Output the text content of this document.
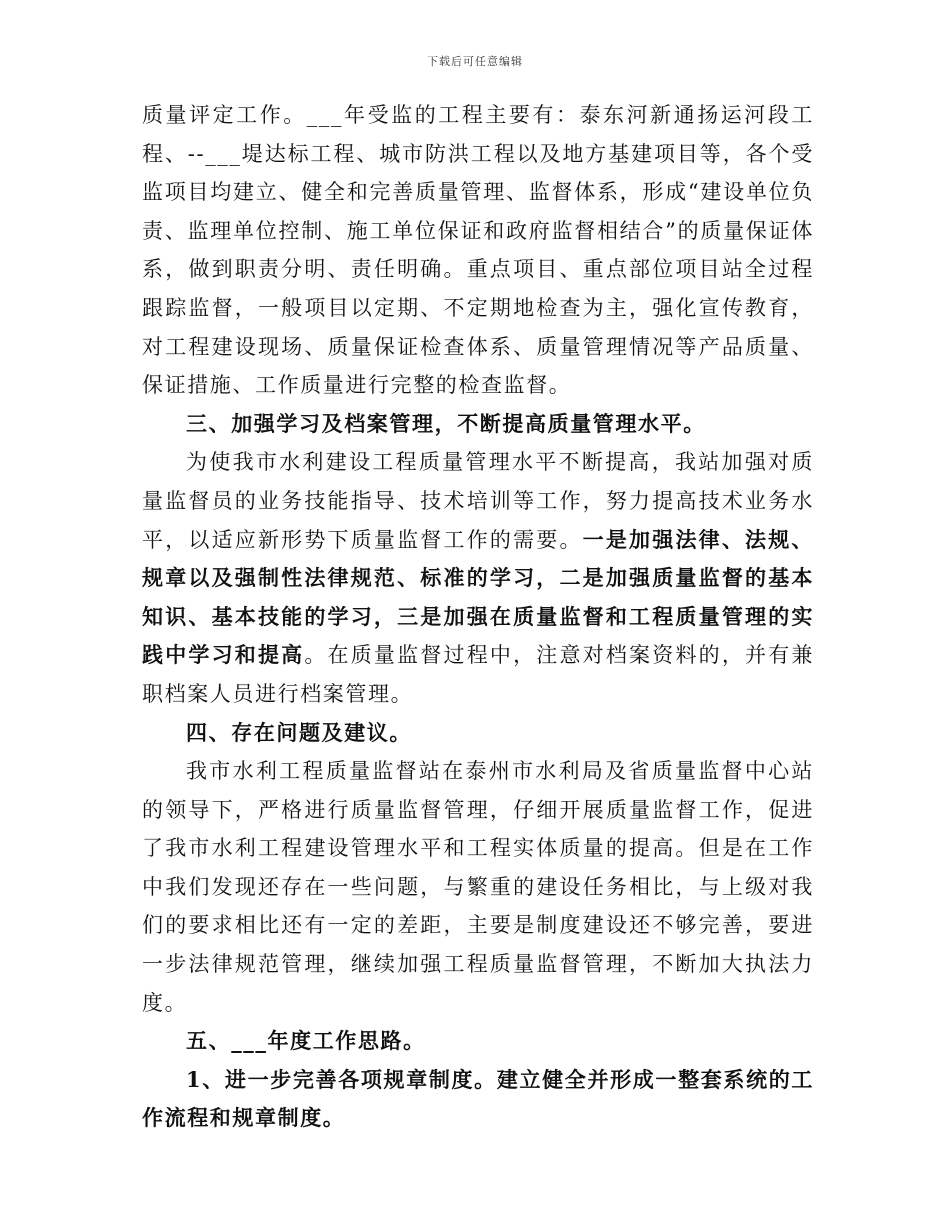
下载后可任意编辑

质量评定工作。___年受监的工程主要有：泰东河新通扬运河段工程、--___堤达标工程、城市防洪工程以及地方基建项目等，各个受监项目均建立、健全和完善质量管理、监督体系，形成“建设单位负责、监理单位控制、施工单位保证和政府监督相结合”的质量保证体系，做到职责分明、责任明确。重点项目、重点部位项目站全过程跟踪监督，一般项目以定期、不定期地检查为主，强化宣传教育，对工程建设现场、质量保证检查体系、质量管理情况等产品质量、保证措施、工作质量进行完整的检查监督。

三、加强学习及档案管理，不断提高质量管理水平。

为使我市水利建设工程质量管理水平不断提高，我站加强对质量监督员的业务技能指导、技术培训等工作，努力提高技术业务水平，以适应新形势下质量监督工作的需要。一是加强法律、法规、规章以及强制性法律规范、标准的学习，二是加强质量监督的基本知识、基本技能的学习，三是加强在质量监督和工程质量管理的实践中学习和提高。在质量监督过程中，注意对档案资料的，并有兼职档案人员进行档案管理。

四、存在问题及建议。

我市水利工程质量监督站在泰州市水利局及省质量监督中心站的领导下，严格进行质量监督管理，仔细开展质量监督工作，促进了我市水利工程建设管理水平和工程实体质量的提高。但是在工作中我们发现还存在一些问题，与繁重的建设任务相比，与上级对我们的要求相比还有一定的差距，主要是制度建设还不够完善，要进一步法律规范管理，继续加强工程质量监督管理，不断加大执法力度。

五、___年度工作思路。

1、进一步完善各项规章制度。建立健全并形成一整套系统的工作流程和规章制度。
